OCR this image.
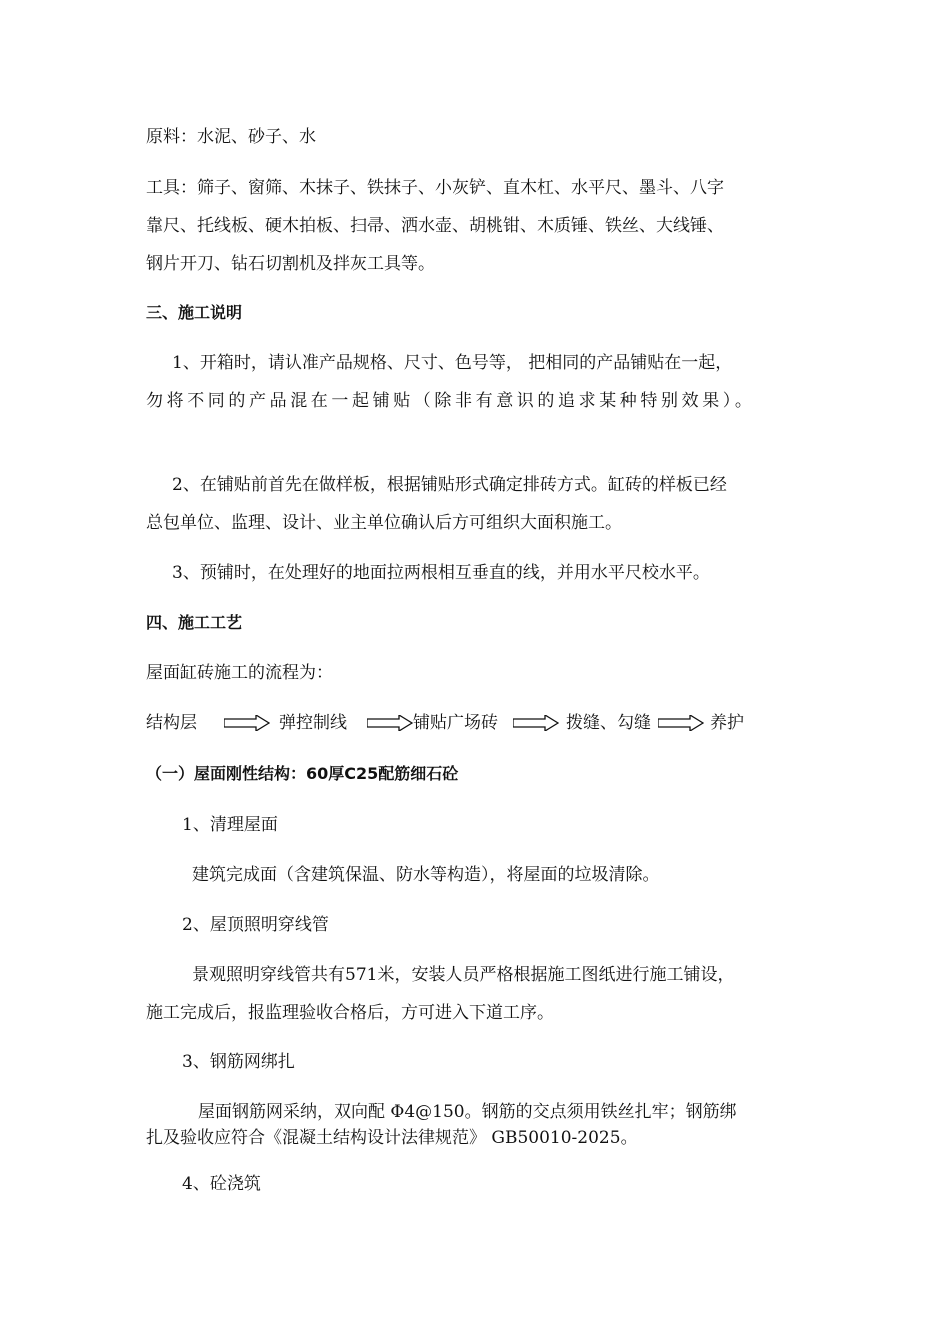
原料：水泥、砂子、水
工具：筛子、窗筛、木抹子、铁抹子、小灰铲、直木杠、水平尺、墨斗、八字
靠尺、托线板、硬木拍板、扫帚、洒水壶、胡桃钳、木质锤、铁丝、大线锤、
钢片开刀、钻石切割机及拌灰工具等。
三、施工说明
1、开箱时，请认准产品规格、尺寸、色号等， 把相同的产品铺贴在一起，
勿将不同的产品混在一起铺贴（除非有意识的追求某种特别效果）。
2、在铺贴前首先在做样板，根据铺贴形式确定排砖方式。缸砖的样板已经
总包单位、监理、设计、业主单位确认后方可组织大面积施工。
3、预铺时，在处理好的地面拉两根相互垂直的线，并用水平尺校水平。
四、施工工艺
屋面缸砖施工的流程为：
结构层	弹控制线	铺贴广场砖	拨缝、勾缝	养护
（一）屋面刚性结构：60厚C25配筋细石砼
1、清理屋面
建筑完成面（含建筑保温、防水等构造），将屋面的垃圾清除。
2、屋顶照明穿线管
景观照明穿线管共有571米，安装人员严格根据施工图纸进行施工铺设，
施工完成后，报监理验收合格后，方可进入下道工序。
3、钢筋网绑扎
屋面钢筋网采纳，双向配 Φ4@150。钢筋的交点须用铁丝扎牢；钢筋绑
扎及验收应符合《混凝土结构设计法律规范》 GB50010-2025。
4、砼浇筑
